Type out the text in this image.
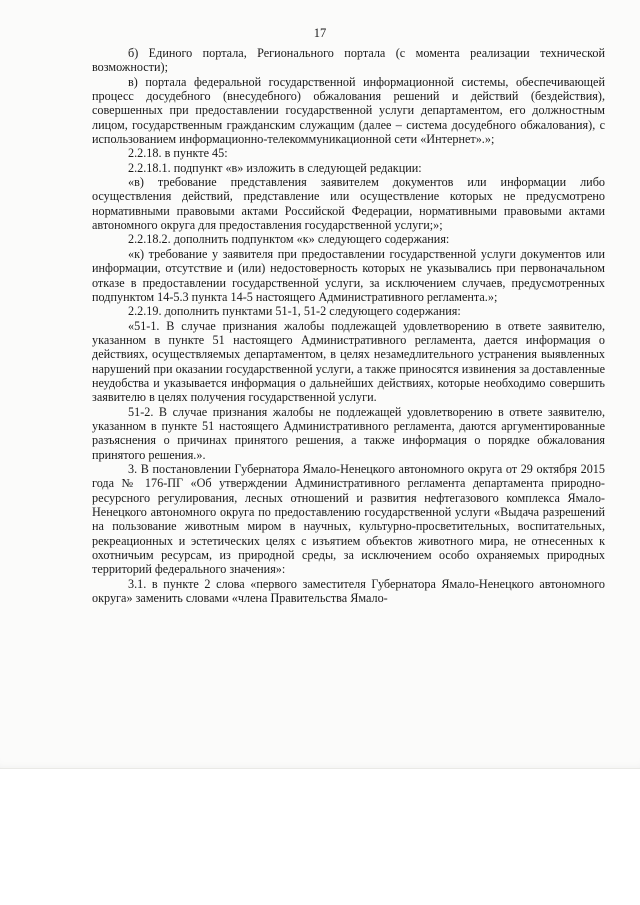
17

б) Единого портала, Регионального портала (с момента реализации технической возможности);

в) портала федеральной государственной информационной системы, обеспечивающей процесс досудебного (внесудебного) обжалования решений и действий (бездействия), совершенных при предоставлении государственной услуги департаментом, его должностным лицом, государственным гражданским служащим (далее – система досудебного обжалования), с использованием информационно-телекоммуникационной сети «Интернет».»;

2.2.18. в пункте 45:

2.2.18.1. подпункт «в» изложить в следующей редакции:

«в) требование представления заявителем документов или информации либо осуществления действий, представление или осуществление которых не предусмотрено нормативными правовыми актами Российской Федерации, нормативными правовыми актами автономного округа для предоставления государственной услуги;»;

2.2.18.2. дополнить подпунктом «к» следующего содержания:

«к) требование у заявителя при предоставлении государственной услуги документов или информации, отсутствие и (или) недостоверность которых не указывались при первоначальном отказе в предоставлении государственной услуги, за исключением случаев, предусмотренных подпунктом 14-5.3 пункта 14-5 настоящего Административного регламента.»;

2.2.19. дополнить пунктами 51-1, 51-2 следующего содержания:

«51-1. В случае признания жалобы подлежащей удовлетворению в ответе заявителю, указанном в пункте 51 настоящего Административного регламента, дается информация о действиях, осуществляемых департаментом, в целях незамедлительного устранения выявленных нарушений при оказании государственной услуги, а также приносятся извинения за доставленные неудобства и указывается информация о дальнейших действиях, которые необходимо совершить заявителю в целях получения государственной услуги.

51-2. В случае признания жалобы не подлежащей удовлетворению в ответе заявителю, указанном в пункте 51 настоящего Административного регламента, даются аргументированные разъяснения о причинах принятого решения, а также информация о порядке обжалования принятого решения.».

3. В постановлении Губернатора Ямало-Ненецкого автономного округа от 29 октября 2015 года № 176-ПГ «Об утверждении Административного регламента департамента природно-ресурсного регулирования, лесных отношений и развития нефтегазового комплекса Ямало-Ненецкого автономного округа по предоставлению государственной услуги «Выдача разрешений на пользование животным миром в научных, культурно-просветительных, воспитательных, рекреационных и эстетических целях с изъятием объектов животного мира, не отнесенных к охотничьим ресурсам, из природной среды, за исключением особо охраняемых природных территорий федерального значения»:

3.1. в пункте 2 слова «первого заместителя Губернатора Ямало-Ненецкого автономного округа» заменить словами «члена Правительства Ямало-
